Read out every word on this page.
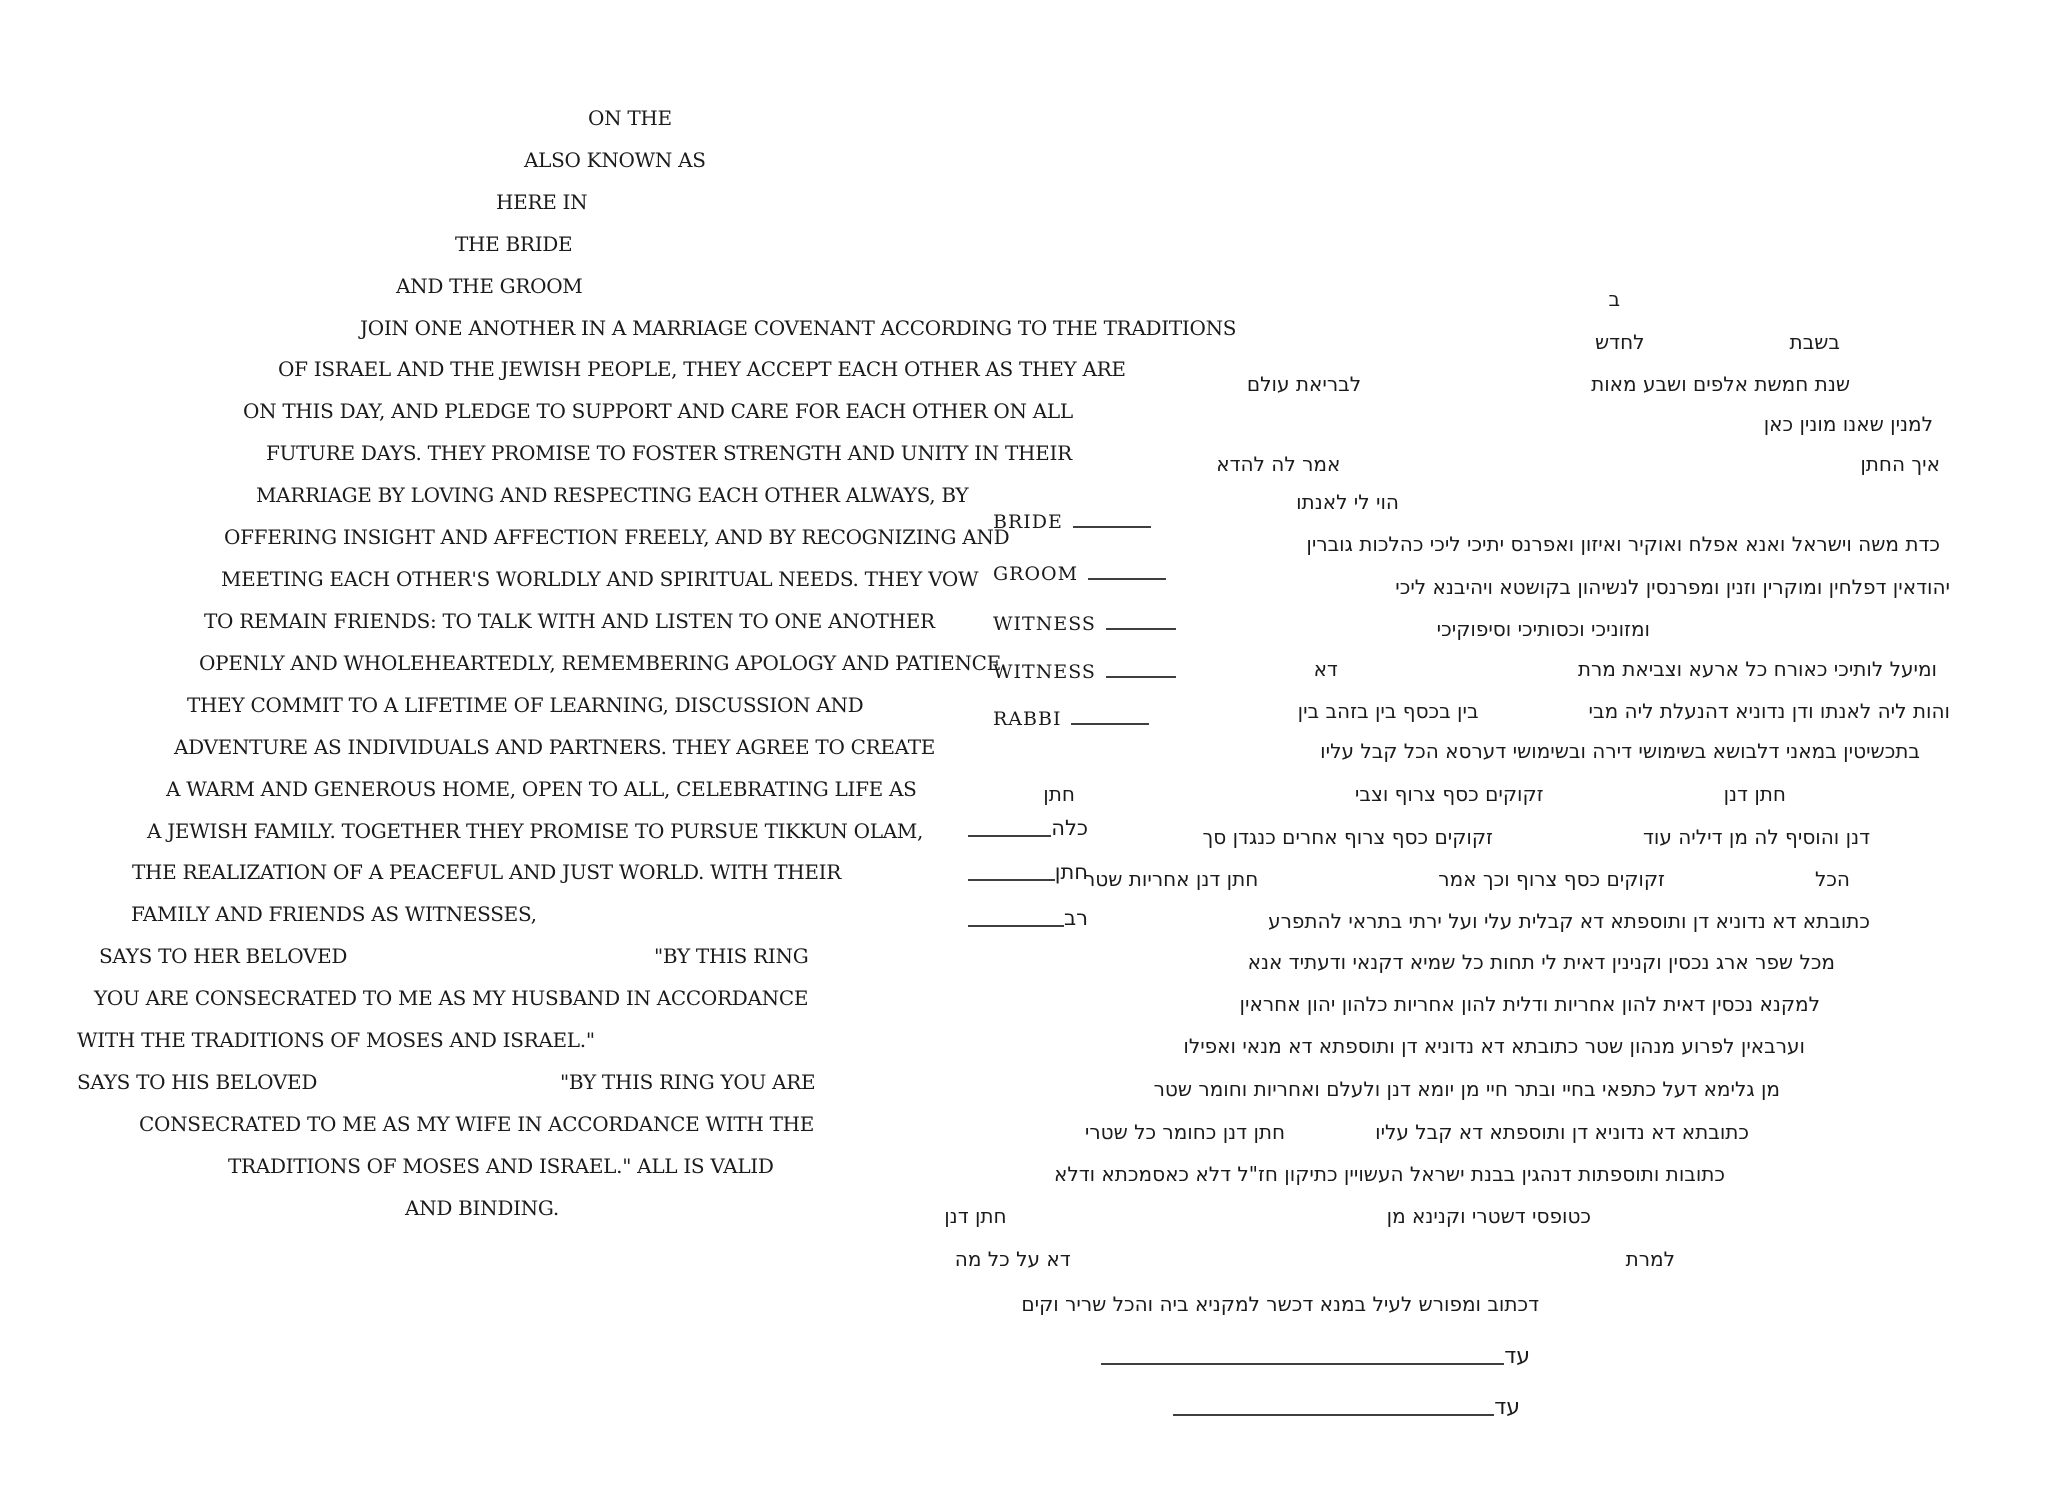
ON THE
ALSO KNOWN AS
HERE IN
THE BRIDE
AND THE GROOM
JOIN ONE ANOTHER IN A MARRIAGE COVENANT ACCORDING TO THE TRADITIONS
OF ISRAEL AND THE JEWISH PEOPLE, THEY ACCEPT EACH OTHER AS THEY ARE
ON THIS DAY, AND PLEDGE TO SUPPORT AND CARE FOR EACH OTHER ON ALL
FUTURE DAYS. THEY PROMISE TO FOSTER STRENGTH AND UNITY IN THEIR
MARRIAGE BY LOVING AND RESPECTING EACH OTHER ALWAYS, BY
OFFERING INSIGHT AND AFFECTION FREELY, AND BY RECOGNIZING AND
MEETING EACH OTHER'S WORLDLY AND SPIRITUAL NEEDS. THEY VOW
TO REMAIN FRIENDS: TO TALK WITH AND LISTEN TO ONE ANOTHER
OPENLY AND WHOLEHEARTEDLY, REMEMBERING APOLOGY AND PATIENCE.
THEY COMMIT TO A LIFETIME OF LEARNING, DISCUSSION AND
ADVENTURE AS INDIVIDUALS AND PARTNERS. THEY AGREE TO CREATE
A WARM AND GENEROUS HOME, OPEN TO ALL, CELEBRATING LIFE AS
A JEWISH FAMILY. TOGETHER THEY PROMISE TO PURSUE TIKKUN OLAM,
THE REALIZATION OF A PEACEFUL AND JUST WORLD. WITH THEIR
FAMILY AND FRIENDS AS WITNESSES,
SAYS TO HER BELOVED	"BY THIS RING
YOU ARE CONSECRATED TO ME AS MY HUSBAND IN ACCORDANCE
WITH THE TRADITIONS OF MOSES AND ISRAEL."
SAYS TO HIS BELOVED	"BY THIS RING YOU ARE
CONSECRATED TO ME AS MY WIFE IN ACCORDANCE WITH THE
TRADITIONS OF MOSES AND ISRAEL." ALL IS VALID
AND BINDING.
BRIDE
GROOM
WITNESS
WITNESS
RABBI
כלה
חתן
רב
ב
בשבתלחדש
שנת חמשת אלפים ושבע מאותלבריאת עולם
למנין שאנו מונין כאן
איך החתןאמר לה להדא
הוי לי לאנתו
כדת משה וישראל ואנא אפלח ואוקיר ואיזון ואפרנס יתיכי ליכי כהלכות גוברין
יהודאין דפלחין ומוקרין וזנין ומפרנסין לנשיהון בקושטא ויהיבנא ליכי
ומזוניכי וכסותיכי וסיפוקיכי
ומיעל לותיכי כאורח כל ארעא וצביאת מרתדא
והות ליה לאנתו ודן נדוניא דהנעלת ליה מביבין בכסף בין בזהב בין
בתכשיטין במאני דלבושא בשימושי דירה ובשימושי דערסא הכל קבל עליו
חתן דנןזקוקים כסף צרוף וצביחתן
דנן והוסיף לה מן דיליה עודזקוקים כסף צרוף אחרים כנגדן סך
הכלזקוקים כסף צרוף וכך אמרחתן דנן אחריות שטר
כתובתא דא נדוניא דן ותוספתא דא קבלית עלי ועל ירתי בתראי להתפרע
מכל שפר ארג נכסין וקנינין דאית לי תחות כל שמיא דקנאי ודעתיד אנא
למקנא נכסין דאית להון אחריות ודלית להון אחריות כלהון יהון אחראין
וערבאין לפרוע מנהון שטר כתובתא דא נדוניא דן ותוספתא דא מנאי ואפילו
מן גלימא דעל כתפאי בחיי ובתר חיי מן יומא דנן ולעלם ואחריות וחומר שטר
כתובתא דא נדוניא דן ותוספתא דא קבל עליוחתן דנן כחומר כל שטרי
כתובות ותוספתות דנהגין בבנת ישראל העשויין כתיקון חז"ל דלא כאסמכתא ודלא
כטופסי דשטרי וקנינא מןחתן דנן
למרתדא על כל מה
דכתוב ומפורש לעיל במנא דכשר למקניא ביה והכל שריר וקים
עד
עד
